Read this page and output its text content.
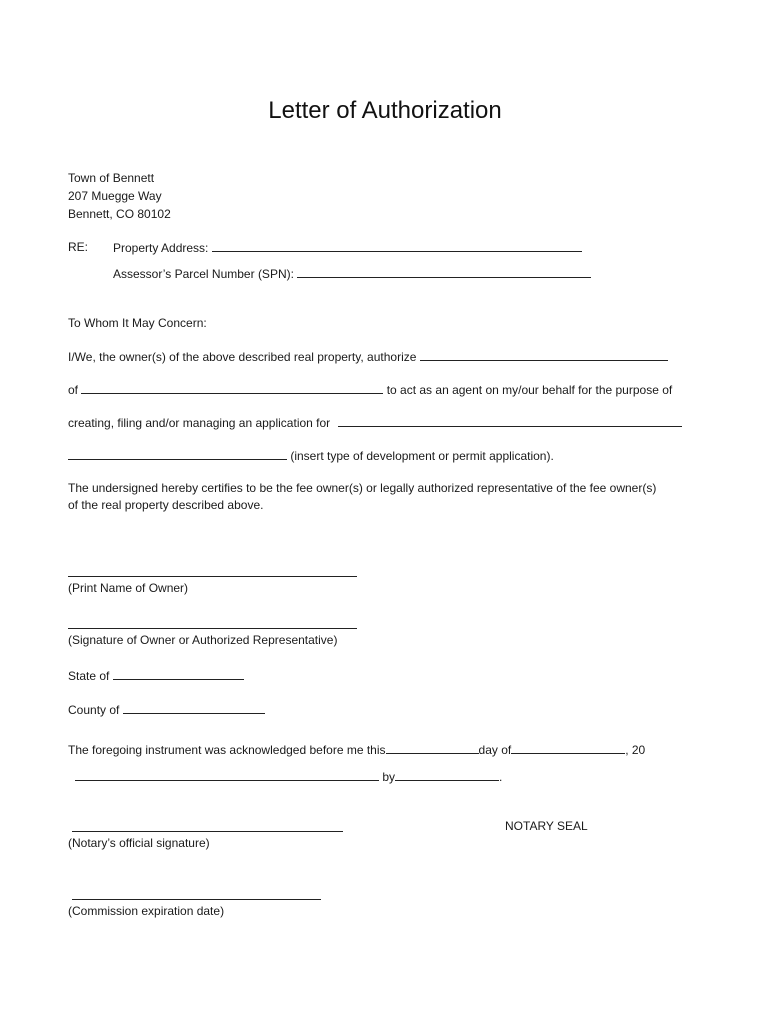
Letter of Authorization
Town of Bennett
207 Muegge Way
Bennett, CO 80102
RE: Property Address:
Assessor’s Parcel Number (SPN):
To Whom It May Concern:
I/We, the owner(s) of the above described real property, authorize
of	to act as an agent on my/our behalf for the purpose of
creating, filing and/or managing an application for
(insert type of development or permit application).
The undersigned hereby certifies to be the fee owner(s) or legally authorized representative of the fee owner(s)
of the real property described above.
(Print Name of Owner)
(Signature of Owner or Authorized Representative)
State of
County of
The foregoing instrument was acknowledged before me this	day of	, 20
by	.
NOTARY SEAL
(Notary’s official signature)
(Commission expiration date)
